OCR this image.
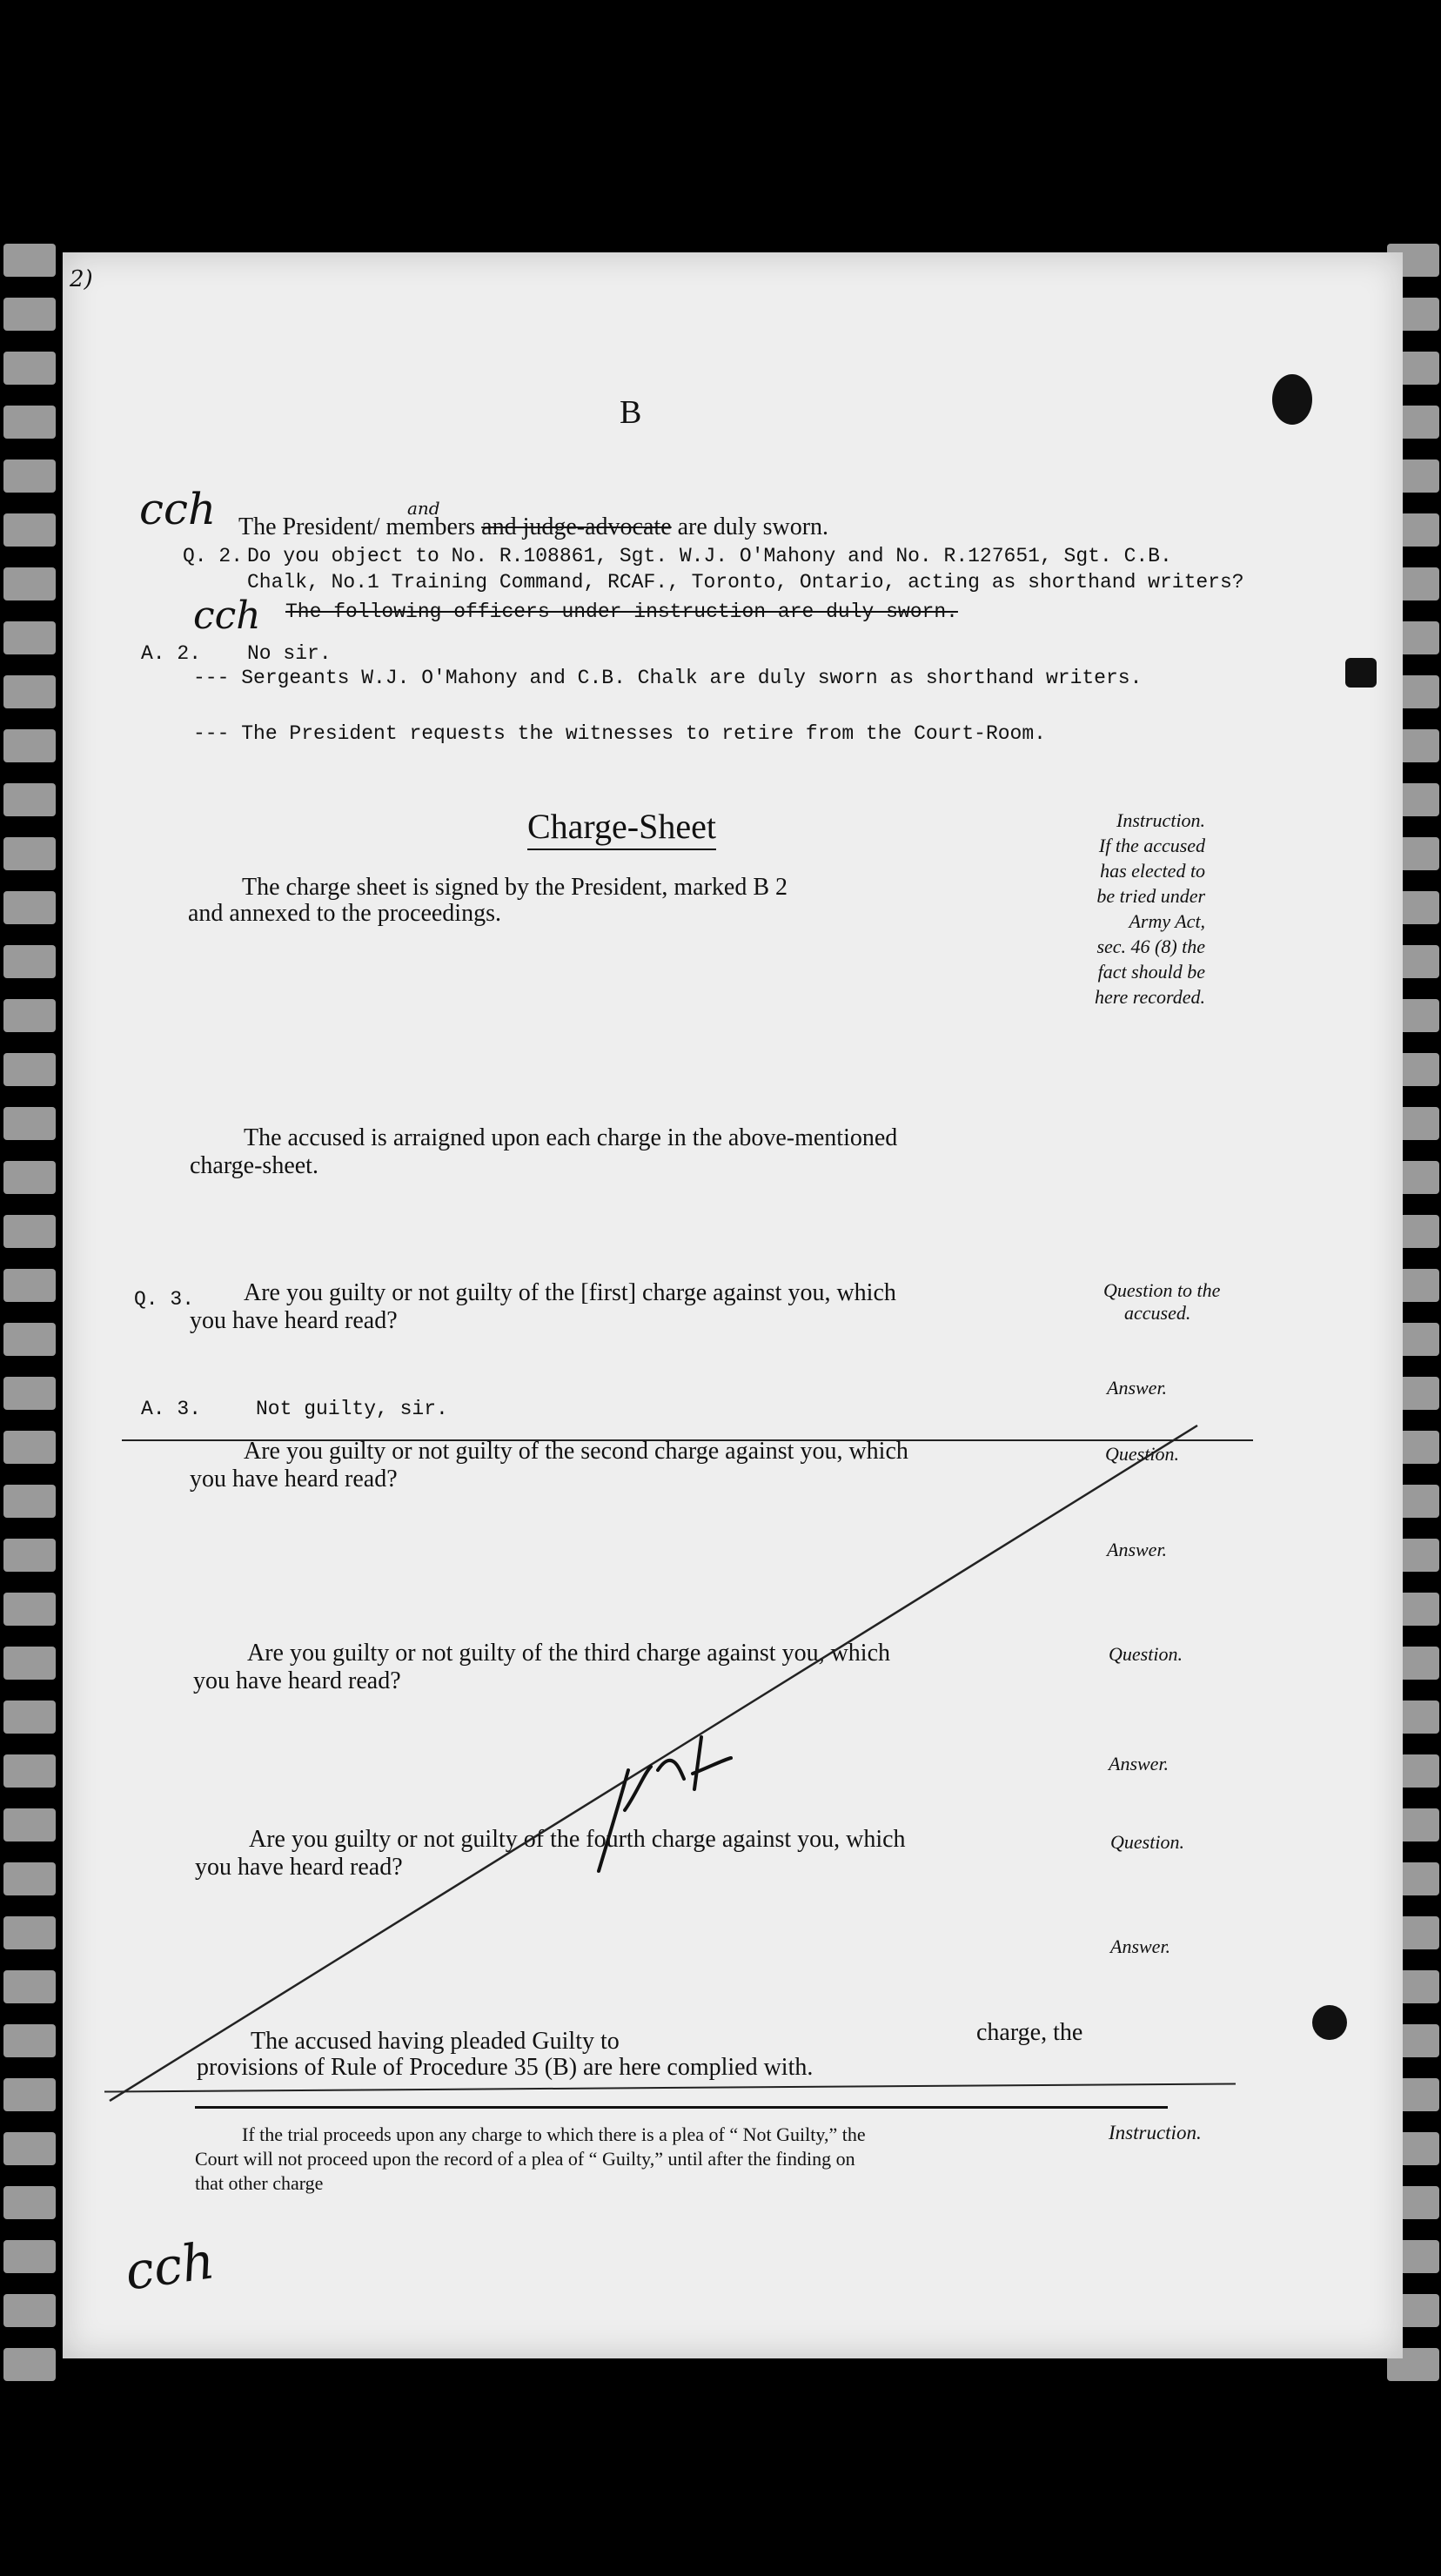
2)
B
cch	and
The President/ members and judge-advocate are duly sworn.
Q. 2. Do you object to No. R.108861, Sgt. W.J. O'Mahony and No. R.127651, Sgt. C.B.
Chalk, No.1 Training Command, RCAF., Toronto, Ontario, acting as shorthand writers?
cch The following officers under instruction are duly sworn.
A. 2. No sir.
--- Sergeants W.J. O'Mahony and C.B. Chalk are duly sworn as shorthand writers.
--- The President requests the witnesses to retire from the Court-Room.
Charge-Sheet
The charge sheet is signed by the President, marked B 2
and annexed to the proceedings.
Instruction.
If the accused
has elected to
be tried under
Army Act,
sec. 46 (8) the
fact should be
here recorded.
The accused is arraigned upon each charge in the above-mentioned
charge-sheet.
Q. 3. Are you guilty or not guilty of the [first] charge against you, which
you have heard read?
Question to the
accused.
Answer.
A. 3.	Not guilty, sir.
Are you guilty or not guilty of the second charge against you, which
you have heard read?
Question.
Answer.
Are you guilty or not guilty of the third charge against you, which
you have heard read?
Question.
Answer.
Are you guilty or not guilty of the fourth charge against you, which
you have heard read?
Question.
Answer.
The accused having pleaded Guilty to	charge, the
provisions of Rule of Procedure 35 (B) are here complied with.
If the trial proceeds upon any charge to which there is a plea of “ Not Guilty,” the	Instruction.
Court will not proceed upon the record of a plea of “ Guilty,” until after the finding on
that other charge
cch
